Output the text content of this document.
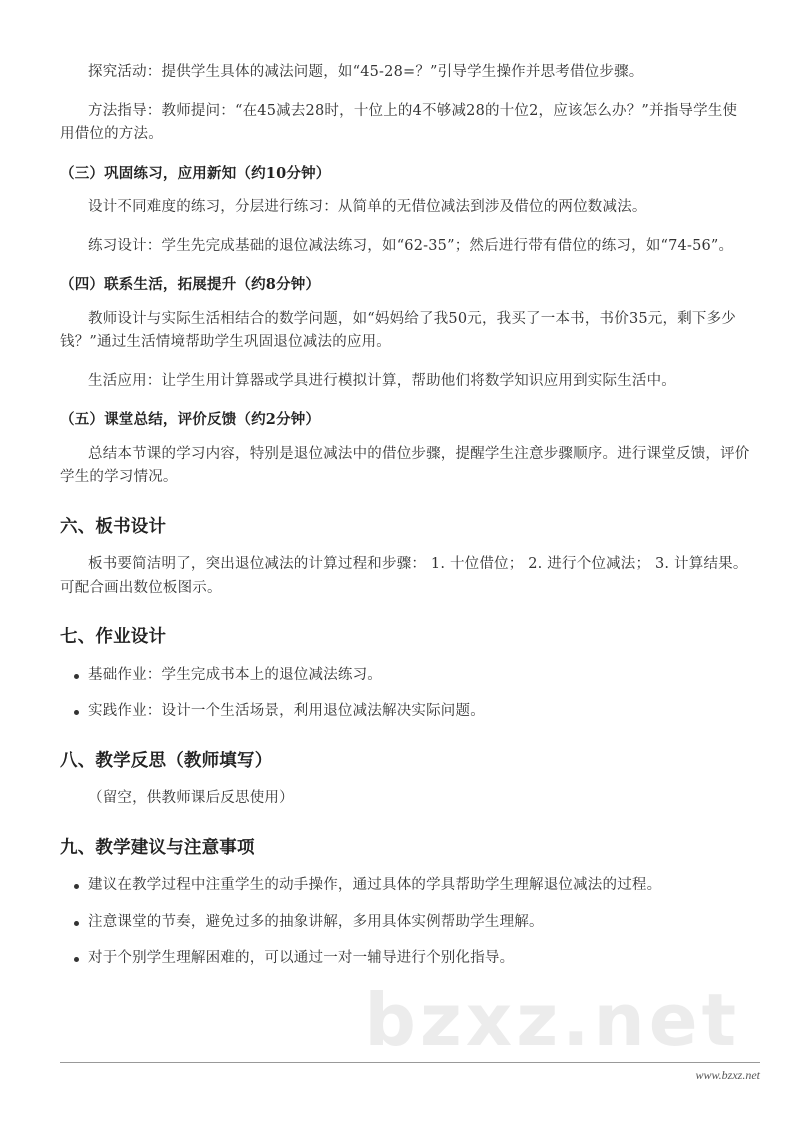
探究活动：提供学生具体的减法问题，如“45-28=？”引导学生操作并思考借位步骤。
方法指导：教师提问：“在45减去28时，十位上的4不够减28的十位2，应该怎么办？”并指导学生使用借位的方法。
（三）巩固练习，应用新知（约10分钟）
设计不同难度的练习，分层进行练习：从简单的无借位减法到涉及借位的两位数减法。
练习设计：学生先完成基础的退位减法练习，如“62-35”；然后进行带有借位的练习，如“74-56”。
（四）联系生活，拓展提升（约8分钟）
教师设计与实际生活相结合的数学问题，如“妈妈给了我50元，我买了一本书，书价35元，剩下多少钱？”通过生活情境帮助学生巩固退位减法的应用。
生活应用：让学生用计算器或学具进行模拟计算，帮助他们将数学知识应用到实际生活中。
（五）课堂总结，评价反馈（约2分钟）
总结本节课的学习内容，特别是退位减法中的借位步骤，提醒学生注意步骤顺序。进行课堂反馈，评价学生的学习情况。
六、板书设计
板书要简洁明了，突出退位减法的计算过程和步骤： 1. 十位借位； 2. 进行个位减法； 3. 计算结果。可配合画出数位板图示。
七、作业设计
基础作业：学生完成书本上的退位减法练习。
实践作业：设计一个生活场景，利用退位减法解决实际问题。
八、教学反思（教师填写）
（留空，供教师课后反思使用）
九、教学建议与注意事项
建议在教学过程中注重学生的动手操作，通过具体的学具帮助学生理解退位减法的过程。
注意课堂的节奏，避免过多的抽象讲解，多用具体实例帮助学生理解。
对于个别学生理解困难的，可以通过一对一辅导进行个别化指导。
bzxz.net
www.bzxz.net
